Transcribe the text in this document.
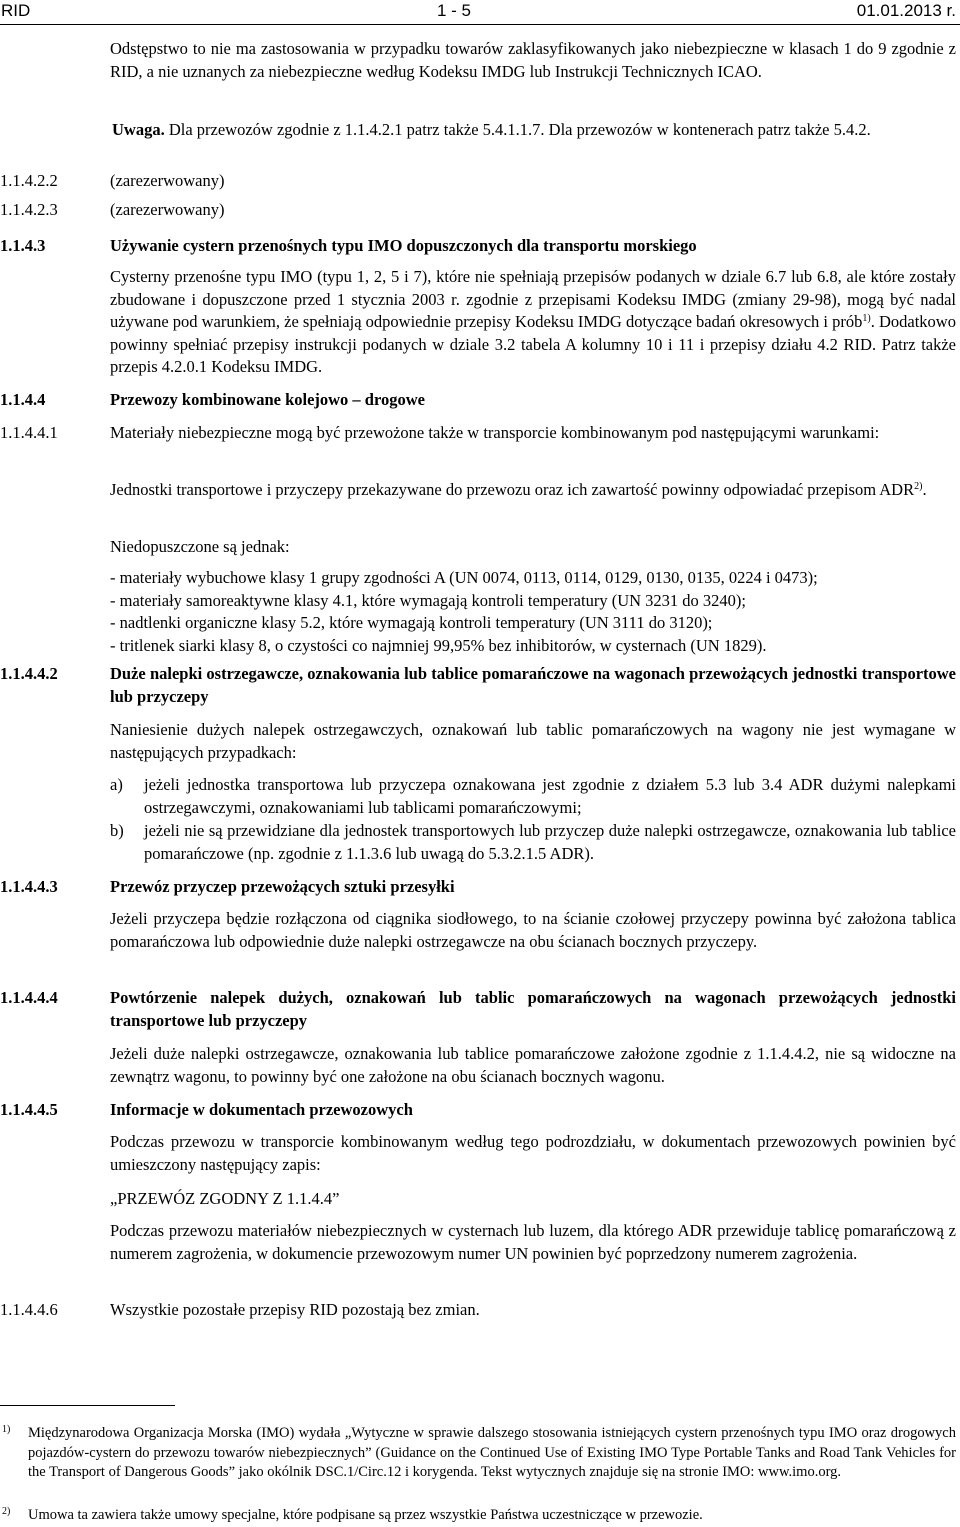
RID	1 - 5	01.01.2013 r.
Odstępstwo to nie ma zastosowania w przypadku towarów zaklasyfikowanych jako niebezpieczne w klasach 1 do 9 zgodnie z RID, a nie uznanych za niebezpieczne według Kodeksu IMDG lub Instrukcji Technicznych ICAO.
Uwaga. Dla przewozów zgodnie z 1.1.4.2.1 patrz także 5.4.1.1.7. Dla przewozów w kontenerach patrz także 5.4.2.
1.1.4.2.2	(zarezerwowany)
1.1.4.2.3	(zarezerwowany)
1.1.4.3	Używanie cystern przenośnych typu IMO dopuszczonych dla transportu morskiego
Cysterny przenośne typu IMO (typu 1, 2, 5 i 7), które nie spełniają przepisów podanych w dziale 6.7 lub 6.8, ale które zostały zbudowane i dopuszczone przed 1 stycznia 2003 r. zgodnie z przepisami Kodeksu IMDG (zmiany 29-98), mogą być nadal używane pod warunkiem, że spełniają odpowiednie przepisy Kodeksu IMDG dotyczące badań okresowych i prób$^{1)}$. Dodatkowo powinny spełniać przepisy instrukcji podanych w dziale 3.2 tabela A kolumny 10 i 11 i przepisy działu 4.2 RID. Patrz także przepis 4.2.0.1 Kodeksu IMDG.
1.1.4.4	Przewozy kombinowane kolejowo – drogowe
1.1.4.4.1	Materiały niebezpieczne mogą być przewożone także w transporcie kombinowanym pod następującymi warunkami:
Jednostki transportowe i przyczepy przekazywane do przewozu oraz ich zawartość powinny odpowiadać przepisom ADR$^{2)}$.
Niedopuszczone są jednak:
- materiały wybuchowe klasy 1 grupy zgodności A (UN 0074, 0113, 0114, 0129, 0130, 0135, 0224 i 0473);
- materiały samoreaktywne klasy 4.1, które wymagają kontroli temperatury (UN 3231 do 3240);
- nadtlenki organiczne klasy 5.2, które wymagają kontroli temperatury (UN 3111 do 3120);
- tritlenek siarki klasy 8, o czystości co najmniej 99,95% bez inhibitorów, w cysternach (UN 1829).
1.1.4.4.2	Duże nalepki ostrzegawcze, oznakowania lub tablice pomarańczowe na wagonach przewożących jednostki transportowe lub przyczepy
Naniesienie dużych nalepek ostrzegawczych, oznakowań lub tablic pomarańczowych na wagony nie jest wymagane w następujących przypadkach:
a) jeżeli jednostka transportowa lub przyczepa oznakowana jest zgodnie z działem 5.3 lub 3.4 ADR dużymi nalepkami ostrzegawczymi, oznakowaniami lub tablicami pomarańczowymi;
b) jeżeli nie są przewidziane dla jednostek transportowych lub przyczep duże nalepki ostrzegawcze, oznakowania lub tablice pomarańczowe (np. zgodnie z 1.1.3.6 lub uwagą do 5.3.2.1.5 ADR).
1.1.4.4.3	Przewóz przyczep przewożących sztuki przesyłki
Jeżeli przyczepa będzie rozłączona od ciągnika siodłowego, to na ścianie czołowej przyczepy powinna być założona tablica pomarańczowa lub odpowiednie duże nalepki ostrzegawcze na obu ścianach bocznych przyczepy.
1.1.4.4.4	Powtórzenie nalepek dużych, oznakowań lub tablic pomarańczowych na wagonach przewożących jednostki transportowe lub przyczepy
Jeżeli duże nalepki ostrzegawcze, oznakowania lub tablice pomarańczowe założone zgodnie z 1.1.4.4.2, nie są widoczne na zewnątrz wagonu, to powinny być one założone na obu ścianach bocznych wagonu.
1.1.4.4.5	Informacje w dokumentach przewozowych
Podczas przewozu w transporcie kombinowanym według tego podrozdziału, w dokumentach przewozowych powinien być umieszczony następujący zapis:
„PRZEWÓZ ZGODNY Z 1.1.4.4”
Podczas przewozu materiałów niebezpiecznych w cysternach lub luzem, dla którego ADR przewiduje tablicę pomarańczową z numerem zagrożenia, w dokumencie przewozowym numer UN powinien być poprzedzony numerem zagrożenia.
1.1.4.4.6	Wszystkie pozostałe przepisy RID pozostają bez zmian.
1) Międzynarodowa Organizacja Morska (IMO) wydała „Wytyczne w sprawie dalszego stosowania istniejących cystern przenośnych typu IMO oraz drogowych pojazdów-cystern do przewozu towarów niebezpiecznych” (Guidance on the Continued Use of Existing IMO Type Portable Tanks and Road Tank Vehicles for the Transport of Dangerous Goods” jako okólnik DSC.1/Circ.12 i korygenda. Tekst wytycznych znajduje się na stronie IMO: www.imo.org.
2) Umowa ta zawiera także umowy specjalne, które podpisane są przez wszystkie Państwa uczestniczące w przewozie.
